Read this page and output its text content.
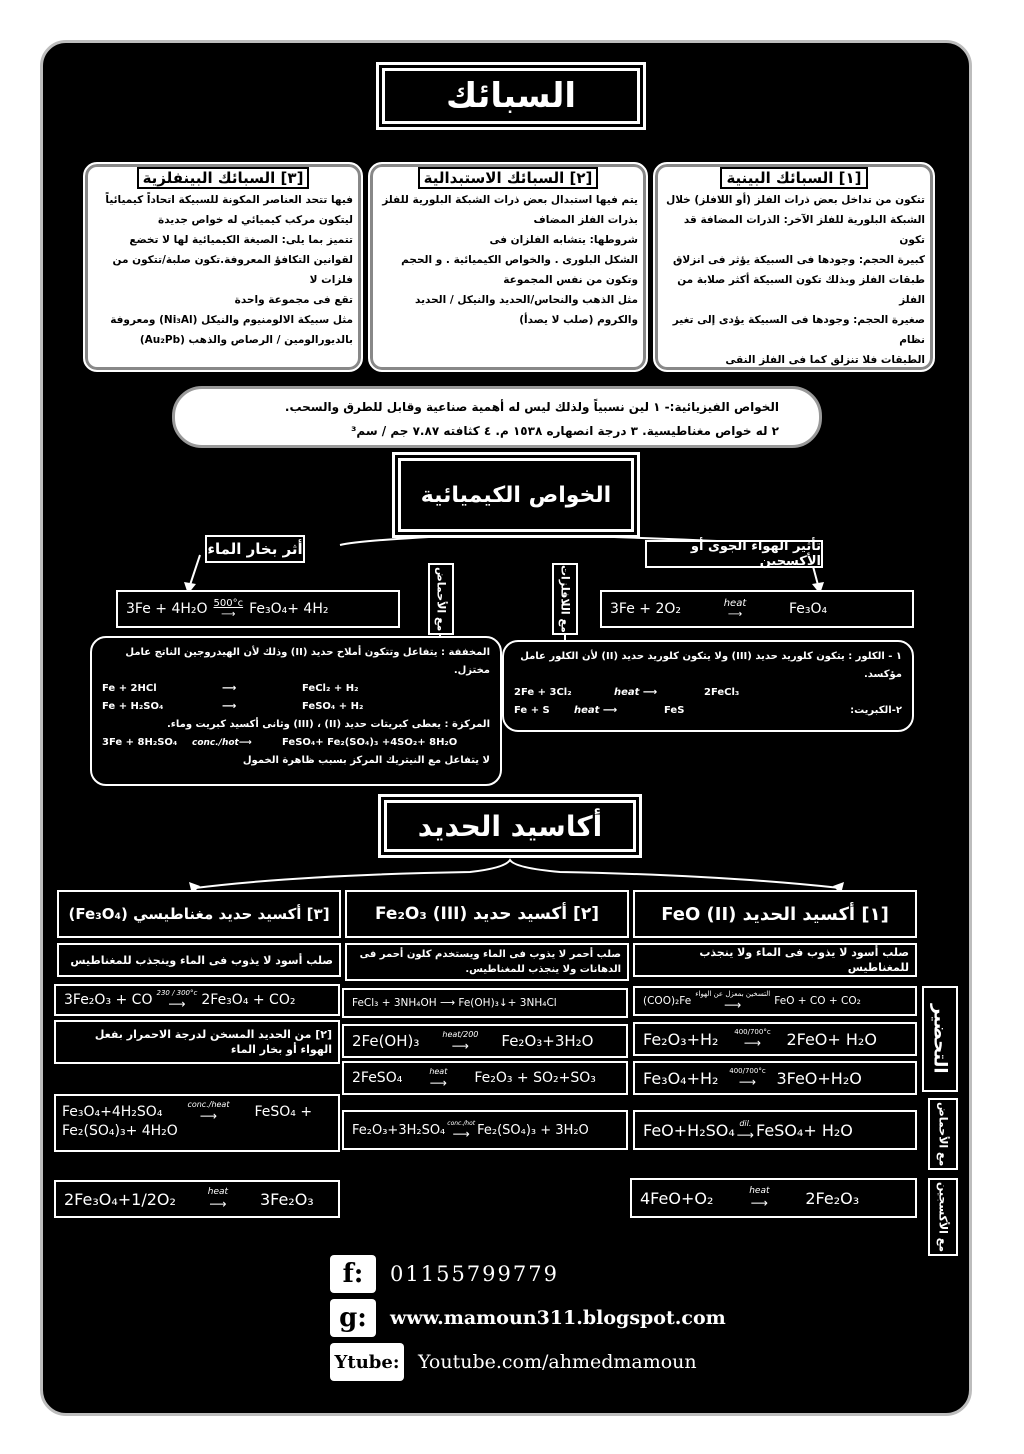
السبائك
[١] السبائك البينية

تتكون من تداخل بعض ذرات الفلز (أو اللافلز) خلال

الشبكة البلورية للفلز الآخر: الذرات المضافة قد تكون

كبيرة الحجم: وجودها فى السبيكة يؤثر فى انزلاق

طبقات الفلز وبذلك تكون السبيكة أكثر صلابة من الفلز

صغيرة الحجم: وجودها فى السبيكة يؤدى إلى تغير نظام

الطبقات فلا تنزلق كما فى الفلز النقى

[٢] السبائك الاستبدالية

يتم فيها استبدال بعض ذرات الشبكة البلورية للفلز

بذرات الفلز المضاف

شروطها: يتشابه الفلزان فى

الشكل البلورى . والخواص الكيميائية . و الحجم

وتكون من نفس المجموعة

مثل الذهب والنحاس/الحديد والنيكل / الحديد

والكروم (صلب لا يصدأ)

[٣] السبائك البينفلزية

فيها تتحد العناصر المكونة للسبيكة اتحاداً كيميائياً

ليتكون مركب كيميائي له خواص جديدة

تتميز بما يلى: الصيغة الكيميائية لها لا تخضع

لقوانين التكافؤ المعروفة.تكون صلبة/تتكون من فلزات لا

تقع فى مجموعة واحدة

مثل سبيكة الالومنيوم والنيكل (Ni₃Al) ومعروفة

بالديورالومين / الرصاص والذهب (Au₂Pb)

الخواص الفيزيائية:- ١ لين نسبياً ولذلك ليس له أهمية صناعية وقابل للطرق والسحب.
٢ له خواص مغناطيسية. ٣ درجة انصهاره ١٥٣٨ م. ٤ كثافته ٧.٨٧ جم / سم³
الخواص الكيميائية
أثر بخار الماء	تأثير الهواء الجوى أو الأكسجين
مع الأحماض	مع اللافلزات
3Fe + 4H₂O 500°c
⟶ Fe₃O₄+ 4H₂	3Fe + 2O₂	heat
⟶	Fe₃O₄
المخففة : يتفاعل وتتكون أملاح حديد (II) وذلك لأن الهيدروجين الناتج عامل مختزل.
Fe + 2HCl	⟶	FeCl₂ + H₂
Fe + H₂SO₄	⟶	FeSO₄ + H₂
المركزة : يعطى كبريتات حديد (II) ، (III) وثانى أكسيد كبريت وماء.
3Fe + 8H₂SO₄	conc./hot⟶	FeSO₄+ Fe₂(SO₄)₃ +4SO₂+ 8H₂O
لا يتفاعل مع النيتريك المركز بسبب ظاهرة الخمول
١ - الكلور : يتكون كلوريد حديد (III) ولا يتكون كلوريد حديد (II) لأن الكلور عامل مؤكسد.
2Fe + 3Cl₂	heat ⟶	2FeCl₃
٢-الكبريت:
Fe + S	heat ⟶	FeS
أكاسيد الحديد
[١] أكسيد الحديد (II) FeO
[٢] أكسيد حديد (III) Fe₂O₃
[٣] أكسيد حديد مغناطيسي (Fe₃O₄)
صلب أسود لا يذوب فى الماء ولا ينجذب للمغناطيس
صلب أحمر لا يذوب فى الماء ويستخدم كلون أحمر فى الدهانات ولا ينجذب للمغناطيس.
صلب أسود لا يذوب فى الماء وينجذب للمغناطيس
التحضير
مع الأحماض
مع الأكسجين
(COO)₂Fe
التسخين بمعزل عن الهواء
⟶	FeO + CO + CO₂
Fe₂O₃+H₂ 400/700°c
⟶ 2FeO+ H₂O
Fe₃O₄+H₂ 400/700°c
⟶ 3FeO+H₂O
FeO+H₂SO₄ dil.
⟶ FeSO₄+ H₂O
4FeO+O₂	heat
⟶ 2Fe₂O₃
FeCl₃ + 3NH₄OH ⟶ Fe(OH)₃↓+ 3NH₄Cl
2Fe(OH)₃	heat/200
⟶ Fe₂O₃+3H₂O
2FeSO₄	heat
⟶ Fe₂O₃ + SO₂+SO₃
Fe₂O₃+3H₂SO₄ conc./hot
⟶ Fe₂(SO₄)₃ + 3H₂O
3Fe₂O₃ + CO 230 / 300°c
⟶ 2Fe₃O₄ + CO₂
[٢] من الحديد المسخن لدرجة الاحمرار بفعل الهواء أو بخار الماء
Fe₃O₄+4H₂SO₄	conc./heat
⟶	FeSO₄ +
Fe₂(SO₄)₃+ 4H₂O
2Fe₃O₄+1/2O₂	heat
⟶ 3Fe₂O₃
f: 01155799779
g: www.mamoun311.blogspot.com
Ytube: Youtube.com/ahmedmamoun
